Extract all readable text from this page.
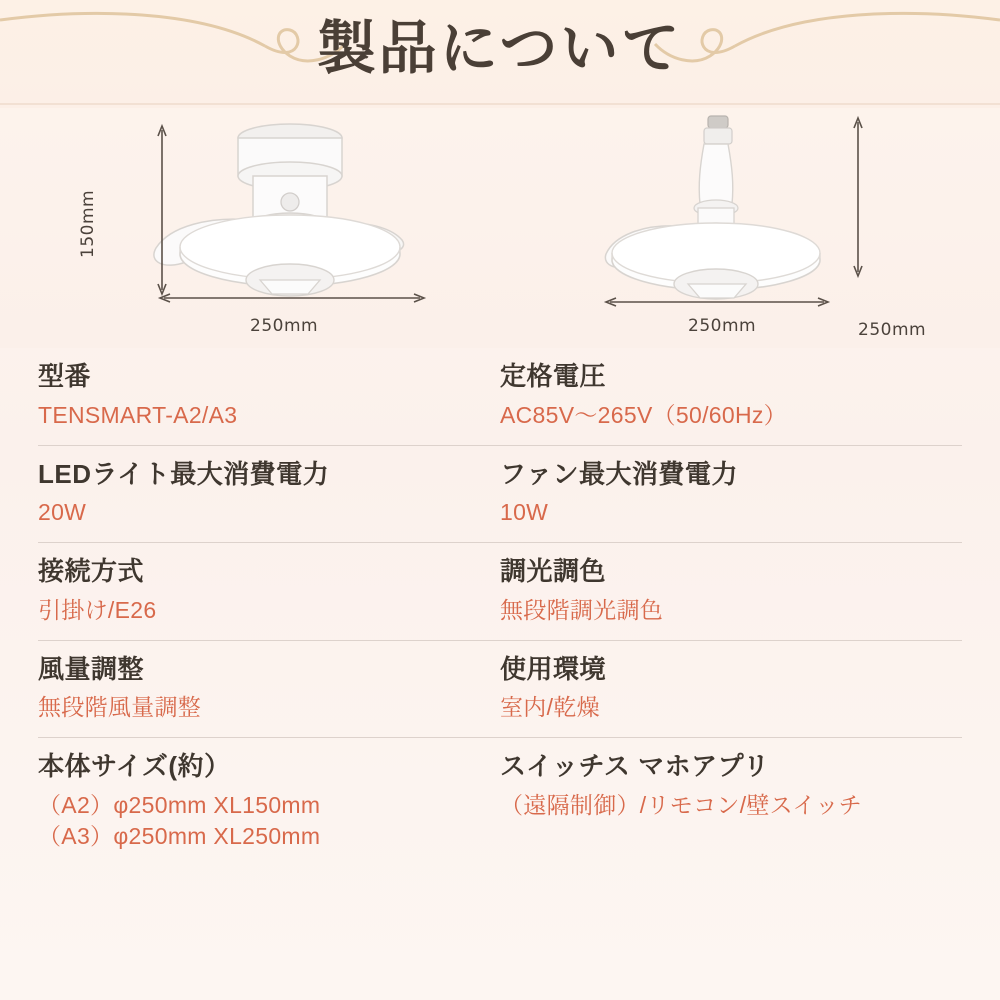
製品について
150mm
250mm	250mm
250mm
型番
TENSMART-A2/A3
定格電圧
AC85V〜265V（50/60Hz）
LEDライト最大消費電力
20W
ファン最大消費電力
10W
接続方式
引掛け/E26
調光調色
無段階調光調色
風量調整
無段階風量調整
使用環境
室内/乾燥
本体サイズ(約）
（A2）φ250mm XL150mm
（A3）φ250mm XL250mm
スイッチス マホアプリ
（遠隔制御）/リモコン/壁スイッチ
